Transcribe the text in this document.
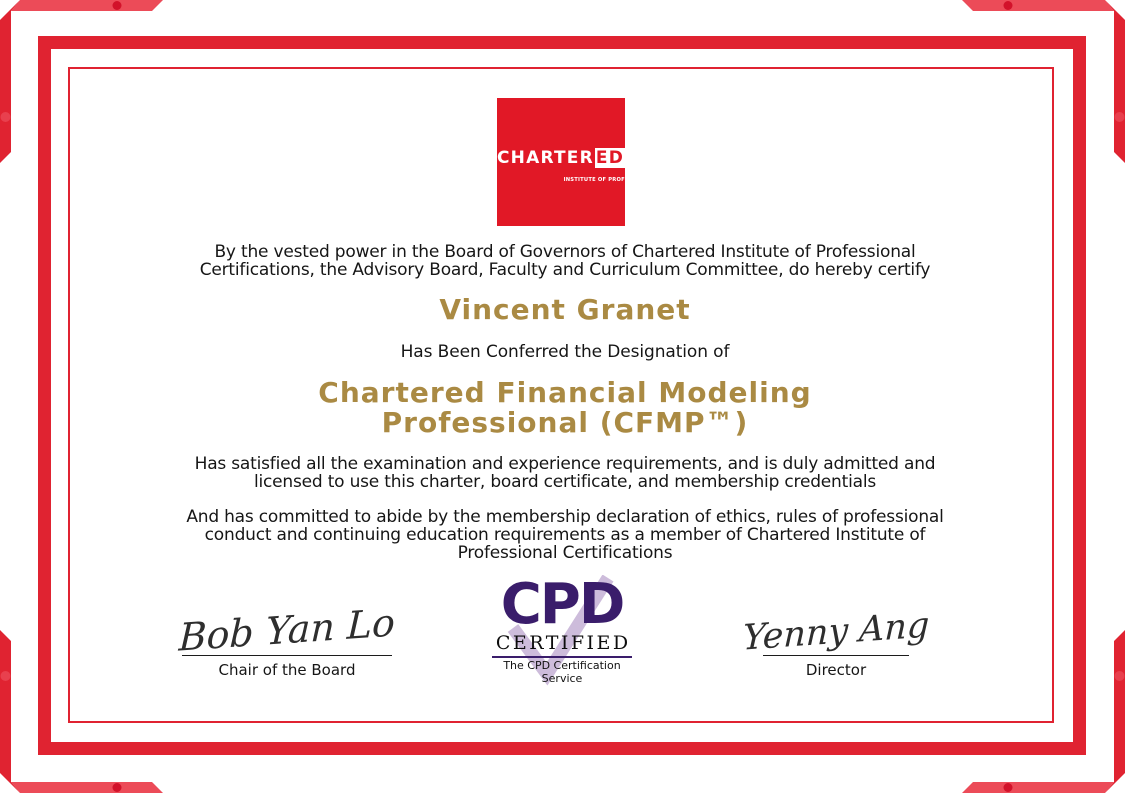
CHARTER ED
INSTITUTE OF PROFESSIONAL CERTIFICATIONS
By the vested power in the Board of Governors of Chartered Institute of Professional
Certifications, the Advisory Board, Faculty and Curriculum Committee, do hereby certify
Vincent Granet
Has Been Conferred the Designation of
Chartered Financial Modeling
Professional (CFMP™)
Has satisfied all the examination and experience requirements, and is duly admitted and
licensed to use this charter, board certificate, and membership credentials
And has committed to abide by the membership declaration of ethics, rules of professional
conduct and continuing education requirements as a member of Chartered Institute of
Professional Certifications
Bob Yan Lo
Chair of the Board
CPD
CERTIFIED
The CPD Certification
Service
Yenny Ang
Director
